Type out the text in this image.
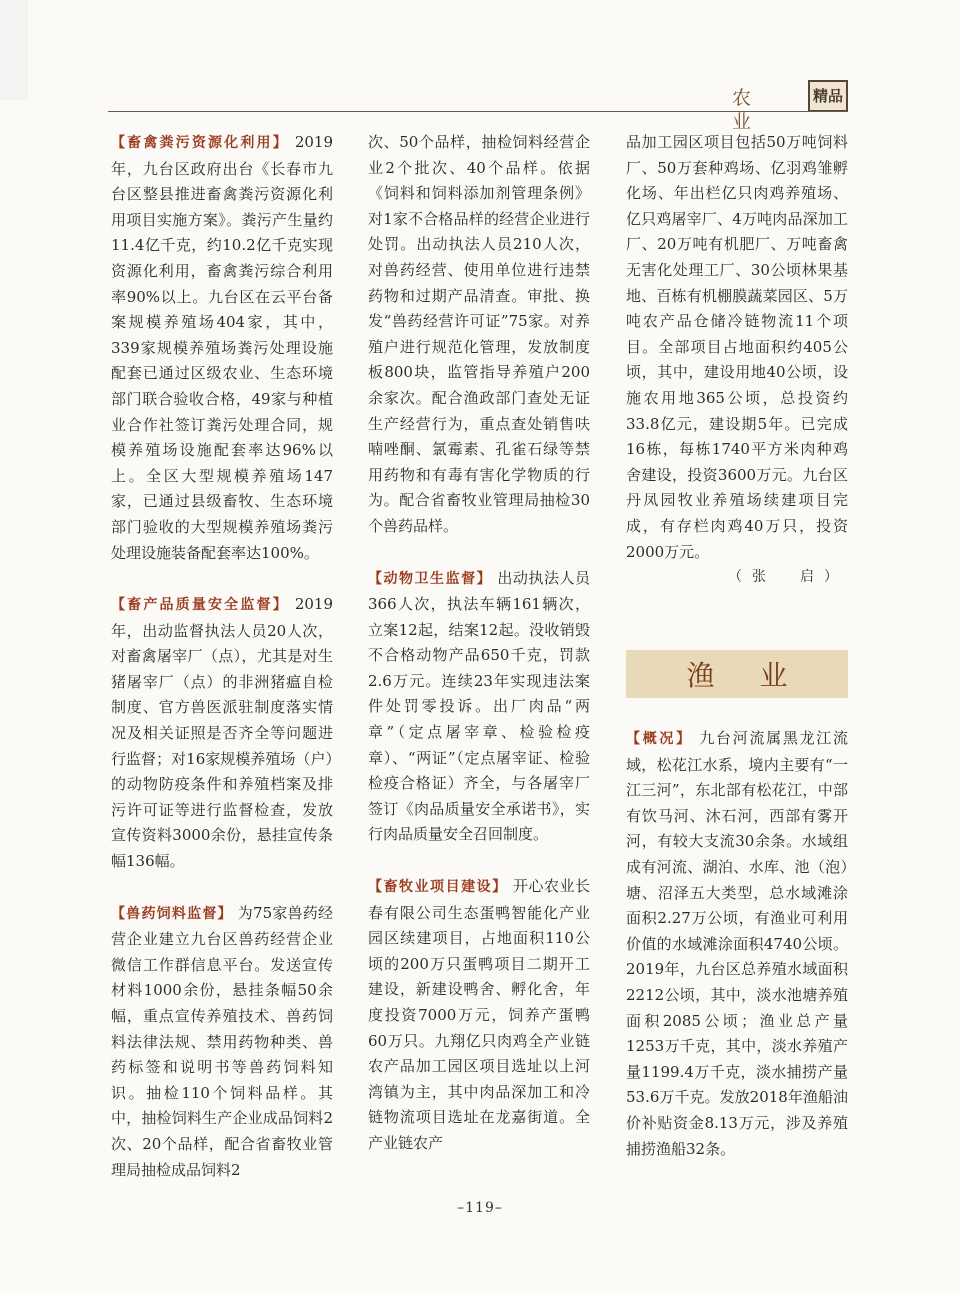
农 业
精品

【畜禽粪污资源化利用】 2019年，九台区政府出台《长春市九台区整县推进畜禽粪污资源化利用项目实施方案》。粪污产生量约11.4亿千克，约10.2亿千克实现资源化利用，畜禽粪污综合利用率90%以上。九台区在云平台备案规模养殖场404家，其中，339家规模养殖场粪污处理设施配套已通过区级农业、生态环境部门联合验收合格，49家与种植业合作社签订粪污处理合同，规模养殖场设施配套率达96%以上。全区大型规模养殖场147家，已通过县级畜牧、生态环境部门验收的大型规模养殖场粪污处理设施装备配套率达100%。

【畜产品质量安全监督】 2019年，出动监督执法人员20人次，对畜禽屠宰厂（点），尤其是对生猪屠宰厂（点）的非洲猪瘟自检制度、官方兽医派驻制度落实情况及相关证照是否齐全等问题进行监督；对16家规模养殖场（户）的动物防疫条件和养殖档案及排污许可证等进行监督检查，发放宣传资料3000余份，悬挂宣传条幅136幅。

【兽药饲料监督】 为75家兽药经营企业建立九台区兽药经营企业微信工作群信息平台。发送宣传材料1000余份，悬挂条幅50余幅，重点宣传养殖技术、兽药饲料法律法规、禁用药物种类、兽药标签和说明书等兽药饲料知识。抽检110个饲料品样。其中，抽检饲料生产企业成品饲料2次、20个品样，配合省畜牧业管理局抽检成品饲料2

次、50个品样，抽检饲料经营企业2个批次、40个品样。依据《饲料和饲料添加剂管理条例》对1家不合格品样的经营企业进行处罚。出动执法人员210人次，对兽药经营、使用单位进行违禁药物和过期产品清查。审批、换发“兽药经营许可证”75家。对养殖户进行规范化管理，发放制度板800块，监管指导养殖户200余家次。配合渔政部门查处无证生产经营行为，重点查处销售呋喃唑酮、氯霉素、孔雀石绿等禁用药物和有毒有害化学物质的行为。配合省畜牧业管理局抽检30个兽药品样。

【动物卫生监督】 出动执法人员366人次，执法车辆161辆次，立案12起，结案12起。没收销毁不合格动物产品650千克，罚款2.6万元。连续23年实现违法案件处罚零投诉。出厂肉品“两章”（定点屠宰章、检验检疫章）、“两证”（定点屠宰证、检验检疫合格证）齐全，与各屠宰厂签订《肉品质量安全承诺书》，实行肉品质量安全召回制度。

【畜牧业项目建设】 开心农业长春有限公司生态蛋鸭智能化产业园区续建项目，占地面积110公顷的200万只蛋鸭项目二期开工建设，新建设鸭舍、孵化舍，年度投资7000万元，饲养产蛋鸭60万只。九翔亿只肉鸡全产业链农产品加工园区项目选址以上河湾镇为主，其中肉品深加工和冷链物流项目选址在龙嘉街道。全产业链农产

品加工园区项目包括50万吨饲料厂、50万套种鸡场、亿羽鸡雏孵化场、年出栏亿只肉鸡养殖场、亿只鸡屠宰厂、4万吨肉品深加工厂、20万吨有机肥厂、万吨畜禽无害化处理工厂、30公顷林果基地、百栋有机棚膜蔬菜园区、5万吨农产品仓储冷链物流11个项目。全部项目占地面积约405公顷，其中，建设用地40公顷，设施农用地365公顷，总投资约33.8亿元，建设期5年。已完成16栋，每栋1740平方米肉种鸡舍建设，投资3600万元。九台区丹凤园牧业养殖场续建项目完成，有存栏肉鸡40万只，投资2000万元。

（张　启）

渔 业

【概况】 九台河流属黑龙江流域，松花江水系，境内主要有“一江三河”，东北部有松花江，中部有饮马河、沐石河，西部有雾开河，有较大支流30余条。水域组成有河流、湖泊、水库、池（泡）塘、沼泽五大类型，总水域滩涂面积2.27万公顷，有渔业可利用价值的水域滩涂面积4740公顷。2019年，九台区总养殖水域面积2212公顷，其中，淡水池塘养殖面积2085公顷；渔业总产量1253万千克，其中，淡水养殖产量1199.4万千克，淡水捕捞产量53.6万千克。发放2018年渔船油价补贴资金8.13万元，涉及养殖捕捞渔船32条。

–119–
